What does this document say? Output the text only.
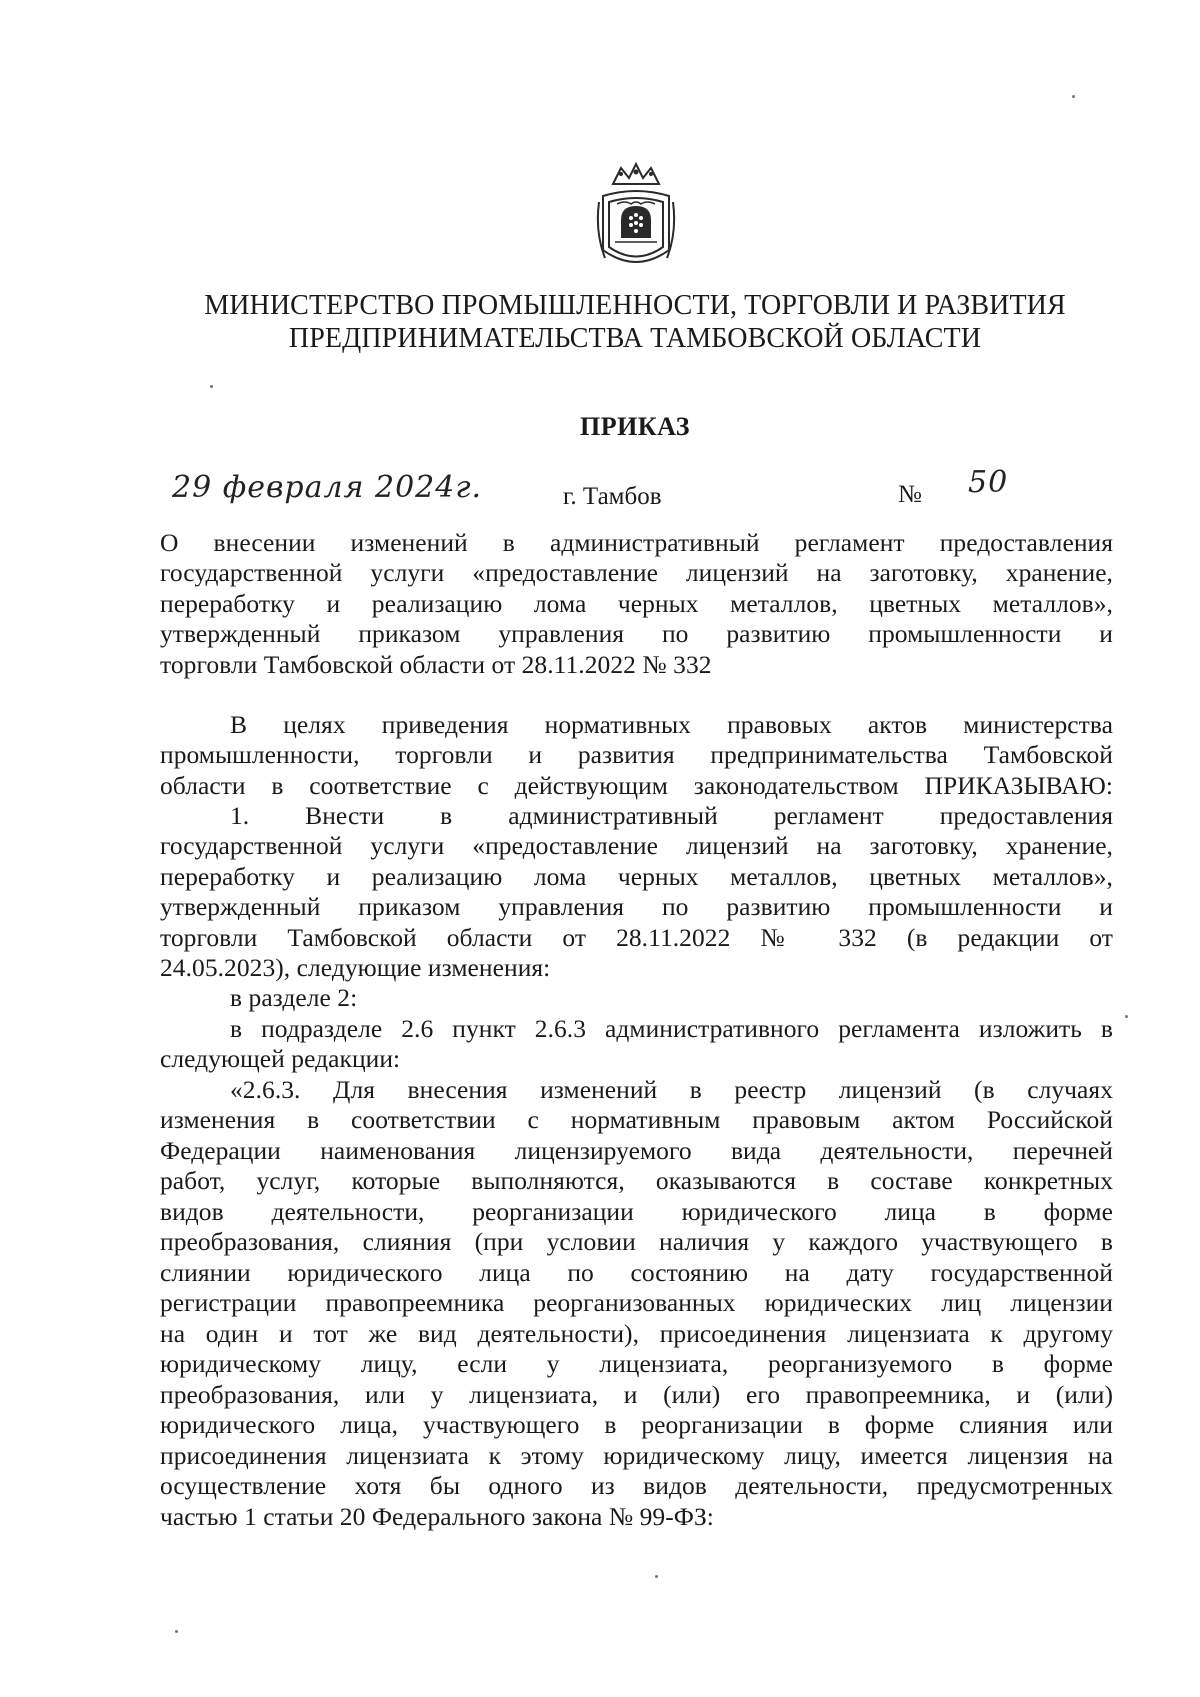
МИНИСТЕРСТВО ПРОМЫШЛЕННОСТИ, ТОРГОВЛИ И РАЗВИТИЯ
ПРЕДПРИНИМАТЕЛЬСТВА ТАМБОВСКОЙ ОБЛАСТИ
ПРИКАЗ
29 февраля 2024г.	г. Тамбов	№ 50
О внесении изменений в административный регламент предоставления
государственной услуги «предоставление лицензий на заготовку, хранение,
переработку и реализацию лома черных металлов, цветных металлов»,
утвержденный приказом управления по развитию промышленности и
торговли Тамбовской области от 28.11.2022 № 332
В целях приведения нормативных правовых актов министерства
промышленности, торговли и развития предпринимательства Тамбовской
области в соответствие с действующим законодательством ПРИКАЗЫВАЮ:
1. Внести в административный регламент предоставления
государственной услуги «предоставление лицензий на заготовку, хранение,
переработку и реализацию лома черных металлов, цветных металлов»,
утвержденный приказом управления по развитию промышленности и
торговли Тамбовской области от 28.11.2022 № 332 (в редакции от
24.05.2023), следующие изменения:
в разделе 2:
в подразделе 2.6 пункт 2.6.3 административного регламента изложить в
следующей редакции:
«2.6.3. Для внесения изменений в реестр лицензий (в случаях
изменения в соответствии с нормативным правовым актом Российской
Федерации наименования лицензируемого вида деятельности, перечней
работ, услуг, которые выполняются, оказываются в составе конкретных
видов деятельности, реорганизации юридического лица в форме
преобразования, слияния (при условии наличия у каждого участвующего в
слиянии юридического лица по состоянию на дату государственной
регистрации правопреемника реорганизованных юридических лиц лицензии
на один и тот же вид деятельности), присоединения лицензиата к другому
юридическому лицу, если у лицензиата, реорганизуемого в форме
преобразования, или у лицензиата, и (или) его правопреемника, и (или)
юридического лица, участвующего в реорганизации в форме слияния или
присоединения лицензиата к этому юридическому лицу, имеется лицензия на
осуществление хотя бы одного из видов деятельности, предусмотренных
частью 1 статьи 20 Федерального закона № 99-ФЗ:
